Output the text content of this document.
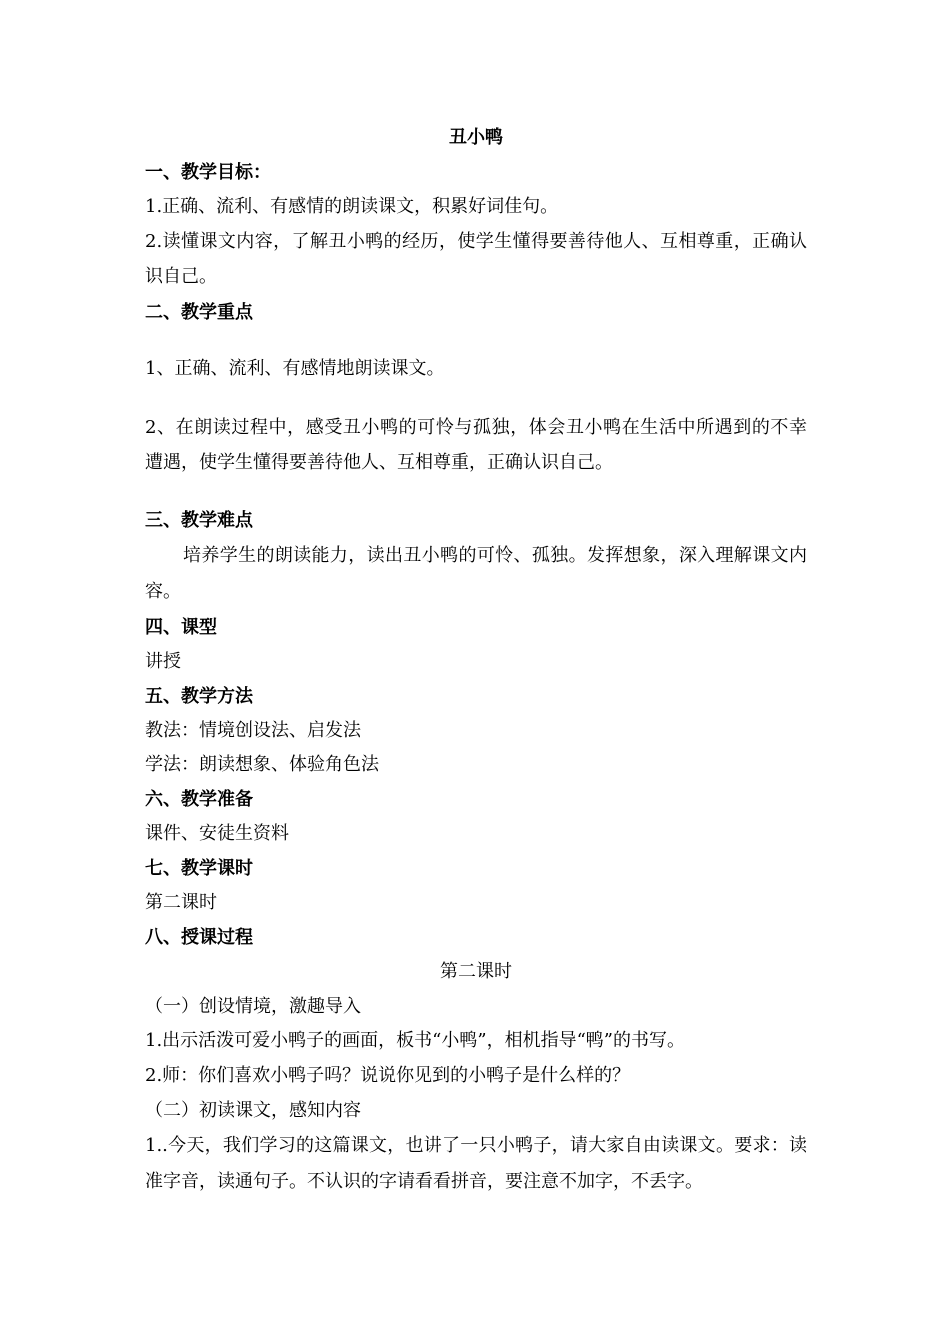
丑小鸭
一、教学目标：
1.正确、流利、有感情的朗读课文，积累好词佳句。
2.读懂课文内容，了解丑小鸭的经历，使学生懂得要善待他人、互相尊重，正确认
识自己。
二、教学重点
1、正确、流利、有感情地朗读课文。
2、在朗读过程中，感受丑小鸭的可怜与孤独，体会丑小鸭在生活中所遇到的不幸
遭遇，使学生懂得要善待他人、互相尊重，正确认识自己。
三、教学难点
培养学生的朗读能力，读出丑小鸭的可怜、孤独。发挥想象，深入理解课文内
容。
四、课型
讲授
五、教学方法
教法：情境创设法、启发法
学法：朗读想象、体验角色法
六、教学准备
课件、安徒生资料
七、教学课时
第二课时
八、授课过程
第二课时
（一）创设情境，激趣导入
1.出示活泼可爱小鸭子的画面，板书“小鸭”，相机指导“鸭”的书写。
2.师：你们喜欢小鸭子吗？说说你见到的小鸭子是什么样的？
（二）初读课文，感知内容
1..今天，我们学习的这篇课文，也讲了一只小鸭子，请大家自由读课文。要求：读
准字音，读通句子。不认识的字请看看拼音，要注意不加字，不丢字。
